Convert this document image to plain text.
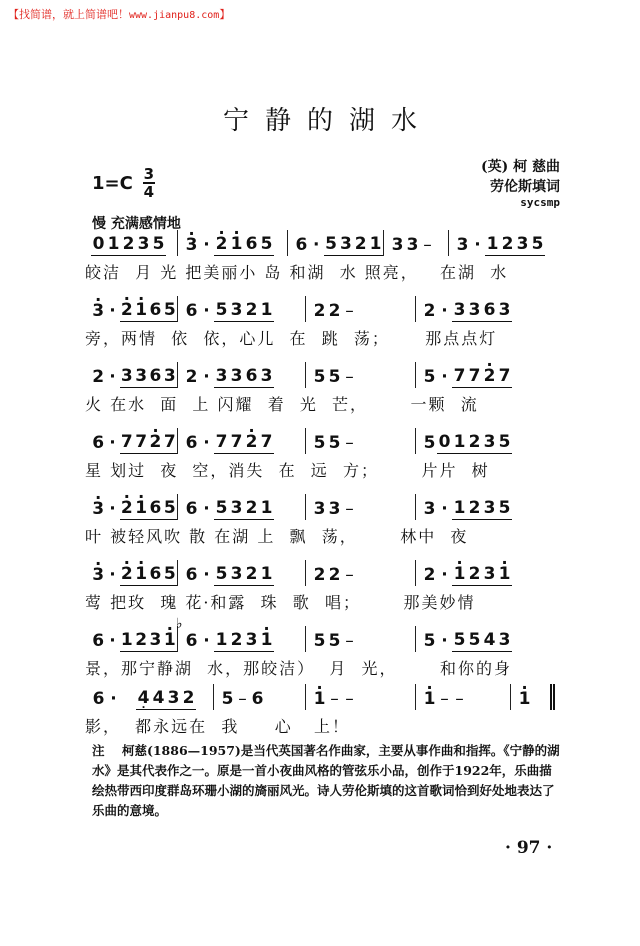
【找简谱，就上简谱吧！www.jianpu8.com】
宁静的湖水
1=C 3
4
(英) 柯 慈曲
劳伦斯填词
sycsmp
慢 充满感情地
0 1 2 3 5 · 3 · · 2 · 1 6 5 6 · 5 3 2 1 3 3 – 3 · 1 2 3 5
皎洁  月 光 把美丽小 岛 和湖  水 照亮，   在湖  水
· 3 · · 2 · 1 6 5 6 · 5 3 2 1 2 2 –	2 · 3 3 6 3
旁，两情  依  依，心儿  在  跳  荡；     那点点灯
2 · 3 3 6 3 2 · 3 3 6 3 5 5 –	5 · 7 7 · 2 7
火 在水  面  上 闪耀  着  光  芒，      一颗  流
6 · 7 7 · 2 7 6 · 7 7 · 2 7 5 5 –	5 0 1 2 3 5
星 划过  夜  空，消失  在  远  方；      片片  树
· 3 · · 2 · 1 6 5 6 · 5 3 2 1 3 3 –	3 · 1 2 3 5
叶 被轻风吹 散 在湖 上  飘  荡，      林中  夜
· 3 · · 2 · 1 6 5 6 · 5 3 2 1 2 2 –	2 · · 1 2 3 · 1
莺 把玫  瑰 花·和露  珠  歌  唱；      那美妙情
6 · 1 2 3 · 1
♭
6 · 1 2 3 · 1 5 5 –	5 · 5 5 4 3
景，那宁静湖  水，那皎洁）  月  光，      和你的身
6 · 4 . 4 3 2 5 – 6	· 1 – –	· 1 – –	· 1
影，  都永远在  我     心   上！
注 柯慈(1886—1957)是当代英国著名作曲家，主要从事作曲和指挥。《宁静的湖水》是其代表作之一。原是一首小夜曲风格的管弦乐小品，创作于1922年，乐曲描绘热带西印度群岛环珊小湖的旖丽风光。诗人劳伦斯填的这首歌词恰到好处地表达了乐曲的意境。
· 97 ·
